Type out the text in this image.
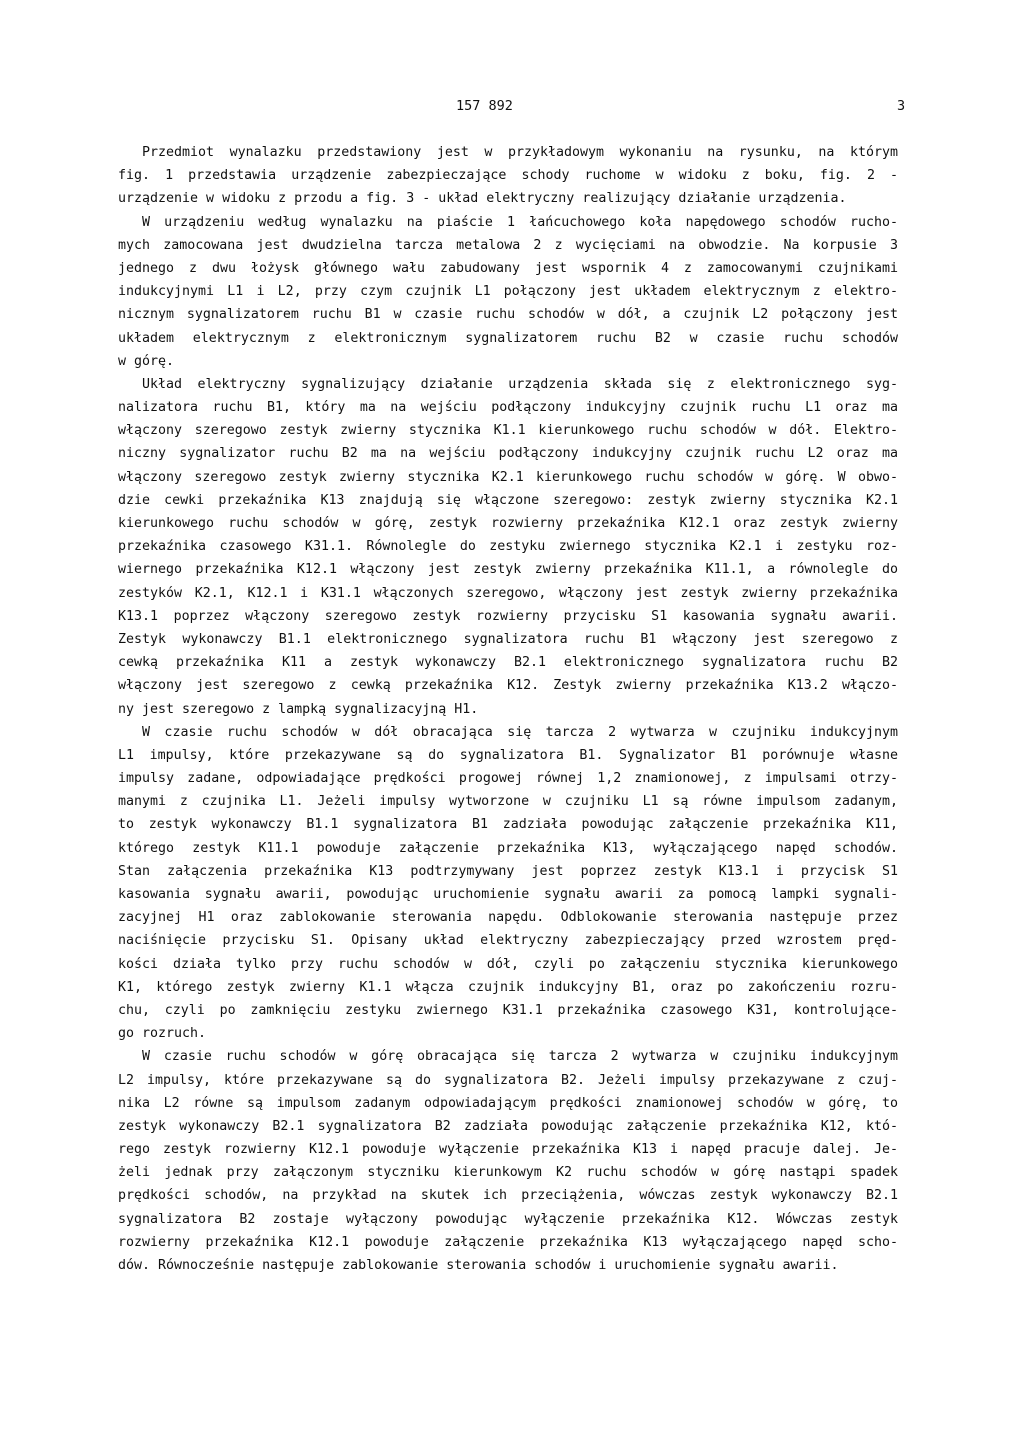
157 892	3
Przedmiot wynalazku przedstawiony jest w przykładowym wykonaniu na rysunku, na którym
fig. 1 przedstawia urządzenie zabezpieczające schody ruchome w widoku z boku, fig. 2 -
urządzenie w widoku z przodu a fig. 3 - układ elektryczny realizujący działanie urządzenia.
W urządzeniu według wynalazku na piaście 1 łańcuchowego koła napędowego schodów rucho-
mych zamocowana jest dwudzielna tarcza metalowa 2 z wycięciami na obwodzie. Na korpusie 3
jednego z dwu łożysk głównego wału zabudowany jest wspornik 4 z zamocowanymi czujnikami
indukcyjnymi L1 i L2, przy czym czujnik L1 połączony jest układem elektrycznym z elektro-
nicznym sygnalizatorem ruchu B1 w czasie ruchu schodów w dół, a czujnik L2 połączony jest
układem elektrycznym z elektronicznym sygnalizatorem ruchu B2 w czasie ruchu schodów
w górę.
Układ elektryczny sygnalizujący działanie urządzenia składa się z elektronicznego syg-
nalizatora ruchu B1, który ma na wejściu podłączony indukcyjny czujnik ruchu L1 oraz ma
włączony szeregowo zestyk zwierny stycznika K1.1 kierunkowego ruchu schodów w dół. Elektro-
niczny sygnalizator ruchu B2 ma na wejściu podłączony indukcyjny czujnik ruchu L2 oraz ma
włączony szeregowo zestyk zwierny stycznika K2.1 kierunkowego ruchu schodów w górę. W obwo-
dzie cewki przekaźnika K13 znajdują się włączone szeregowo: zestyk zwierny stycznika K2.1
kierunkowego ruchu schodów w górę, zestyk rozwierny przekaźnika K12.1 oraz zestyk zwierny
przekaźnika czasowego K31.1. Równolegle do zestyku zwiernego stycznika K2.1 i zestyku roz-
wiernego przekaźnika K12.1 włączony jest zestyk zwierny przekaźnika K11.1, a równolegle do
zestyków K2.1, K12.1 i K31.1 włączonych szeregowo, włączony jest zestyk zwierny przekaźnika
K13.1 poprzez włączony szeregowo zestyk rozwierny przycisku S1 kasowania sygnału awarii.
Zestyk wykonawczy B1.1 elektronicznego sygnalizatora ruchu B1 włączony jest szeregowo z
cewką przekaźnika K11 a zestyk wykonawczy B2.1 elektronicznego sygnalizatora ruchu B2
włączony jest szeregowo z cewką przekaźnika K12. Zestyk zwierny przekaźnika K13.2 włączo-
ny jest szeregowo z lampką sygnalizacyjną H1.
W czasie ruchu schodów w dół obracająca się tarcza 2 wytwarza w czujniku indukcyjnym
L1 impulsy, które przekazywane są do sygnalizatora B1. Sygnalizator B1 porównuje własne
impulsy zadane, odpowiadające prędkości progowej równej 1,2 znamionowej, z impulsami otrzy-
manymi z czujnika L1. Jeżeli impulsy wytworzone w czujniku L1 są równe impulsom zadanym,
to zestyk wykonawczy B1.1 sygnalizatora B1 zadziała powodując załączenie przekaźnika K11,
którego zestyk K11.1 powoduje załączenie przekaźnika K13, wyłączającego napęd schodów.
Stan załączenia przekaźnika K13 podtrzymywany jest poprzez zestyk K13.1 i przycisk S1
kasowania sygnału awarii, powodując uruchomienie sygnału awarii za pomocą lampki sygnali-
zacyjnej H1 oraz zablokowanie sterowania napędu. Odblokowanie sterowania następuje przez
naciśnięcie przycisku S1. Opisany układ elektryczny zabezpieczający przed wzrostem pręd-
kości działa tylko przy ruchu schodów w dół, czyli po załączeniu stycznika kierunkowego
K1, którego zestyk zwierny K1.1 włącza czujnik indukcyjny B1, oraz po zakończeniu rozru-
chu, czyli po zamknięciu zestyku zwiernego K31.1 przekaźnika czasowego K31, kontrolujące-
go rozruch.
W czasie ruchu schodów w górę obracająca się tarcza 2 wytwarza w czujniku indukcyjnym
L2 impulsy, które przekazywane są do sygnalizatora B2. Jeżeli impulsy przekazywane z czuj-
nika L2 równe są impulsom zadanym odpowiadającym prędkości znamionowej schodów w górę, to
zestyk wykonawczy B2.1 sygnalizatora B2 zadziała powodując załączenie przekaźnika K12, któ-
rego zestyk rozwierny K12.1 powoduje wyłączenie przekaźnika K13 i napęd pracuje dalej. Je-
żeli jednak przy załączonym styczniku kierunkowym K2 ruchu schodów w górę nastąpi spadek
prędkości schodów, na przykład na skutek ich przeciążenia, wówczas zestyk wykonawczy B2.1
sygnalizatora B2 zostaje wyłączony powodując wyłączenie przekaźnika K12. Wówczas zestyk
rozwierny przekaźnika K12.1 powoduje załączenie przekaźnika K13 wyłączającego napęd scho-
dów. Równocześnie następuje zablokowanie sterowania schodów i uruchomienie sygnału awarii.
